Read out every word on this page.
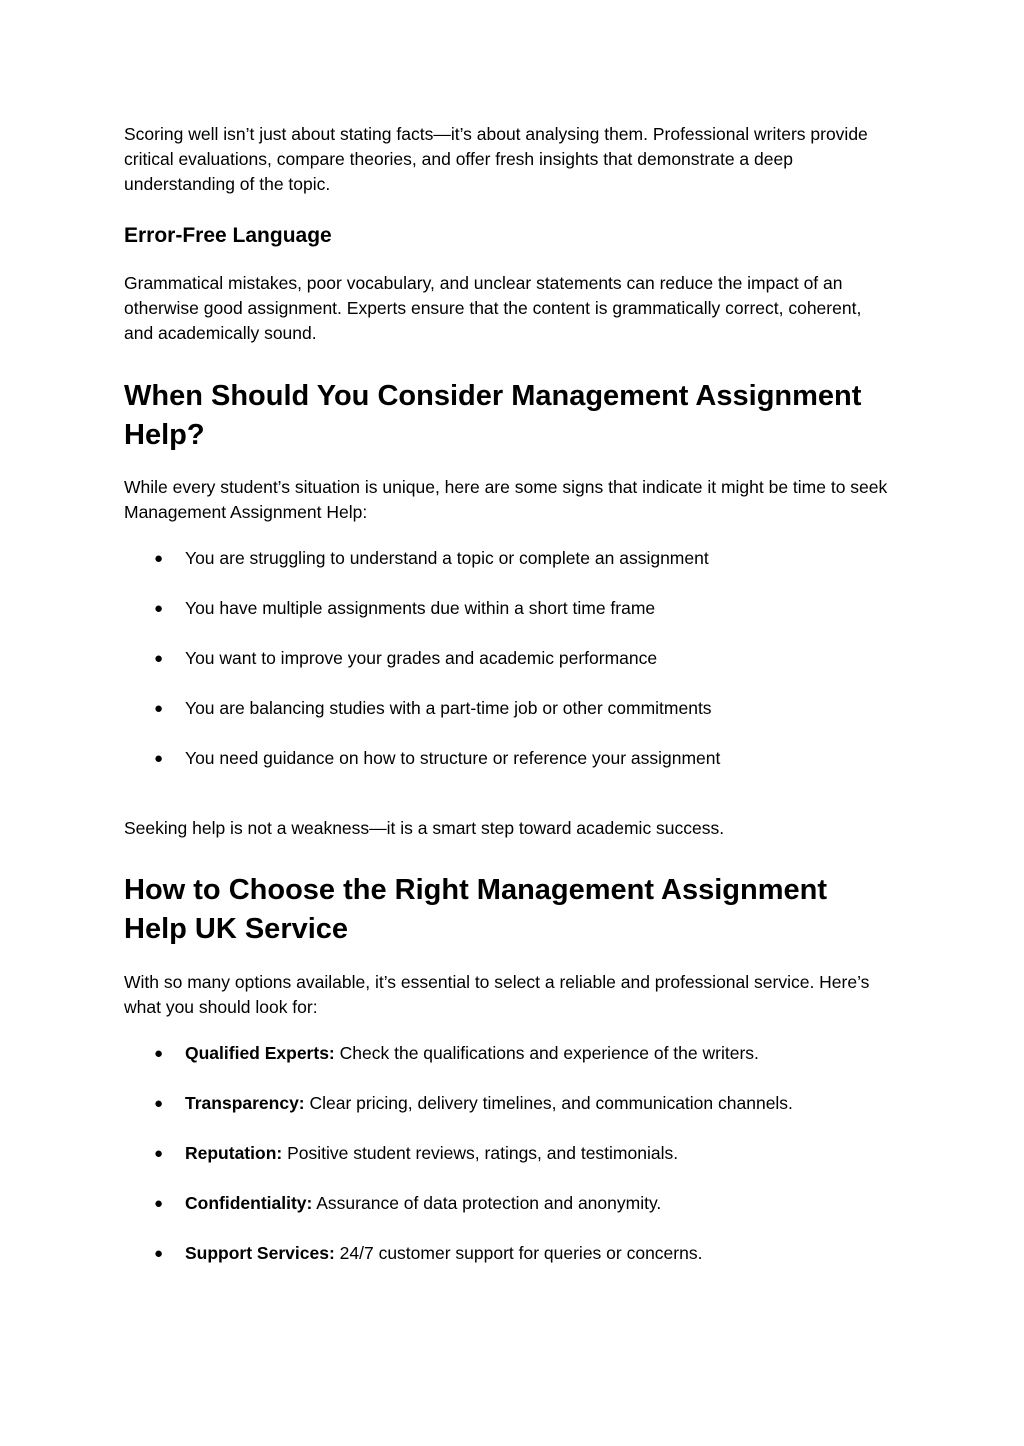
Scoring well isn’t just about stating facts—it’s about analysing them. Professional writers provide critical evaluations, compare theories, and offer fresh insights that demonstrate a deep understanding of the topic.

Error-Free Language

Grammatical mistakes, poor vocabulary, and unclear statements can reduce the impact of an otherwise good assignment. Experts ensure that the content is grammatically correct, coherent, and academically sound.

When Should You Consider Management Assignment Help?

While every student’s situation is unique, here are some signs that indicate it might be time to seek Management Assignment Help:

● You are struggling to understand a topic or complete an assignment
● You have multiple assignments due within a short time frame
● You want to improve your grades and academic performance
● You are balancing studies with a part-time job or other commitments
● You need guidance on how to structure or reference your assignment

Seeking help is not a weakness—it is a smart step toward academic success.

How to Choose the Right Management Assignment Help UK Service

With so many options available, it’s essential to select a reliable and professional service. Here’s what you should look for:

● Qualified Experts: Check the qualifications and experience of the writers.
● Transparency: Clear pricing, delivery timelines, and communication channels.
● Reputation: Positive student reviews, ratings, and testimonials.
● Confidentiality: Assurance of data protection and anonymity.
● Support Services: 24/7 customer support for queries or concerns.
